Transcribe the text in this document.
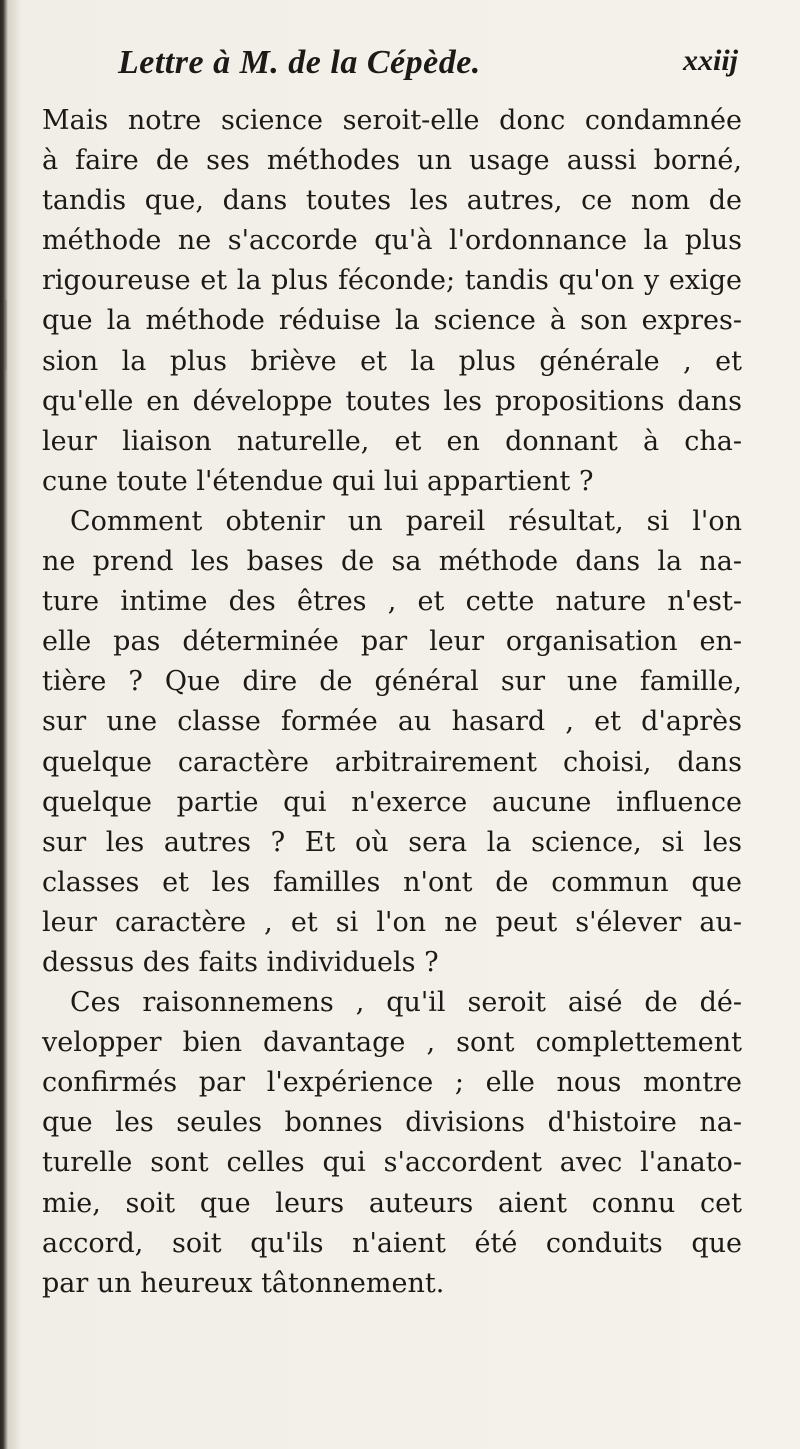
Lettre à M. de la Cépède.	xxiij
Mais notre science seroit-elle donc condamnée
à faire de ses méthodes un usage aussi borné,
tandis que, dans toutes les autres, ce nom de
méthode ne s'accorde qu'à l'ordonnance la plus
rigoureuse et la plus féconde; tandis qu'on y exige
que la méthode réduise la science à son expres-
sion la plus briève et la plus générale , et
qu'elle en développe toutes les propositions dans
leur liaison naturelle, et en donnant à cha-
cune toute l'étendue qui lui appartient ?
Comment obtenir un pareil résultat, si l'on
ne prend les bases de sa méthode dans la na-
ture intime des êtres , et cette nature n'est-
elle pas déterminée par leur organisation en-
tière ? Que dire de général sur une famille,
sur une classe formée au hasard , et d'après
quelque caractère arbitrairement choisi, dans
quelque partie qui n'exerce aucune influence
sur les autres ? Et où sera la science, si les
classes et les familles n'ont de commun que
leur caractère , et si l'on ne peut s'élever au-
dessus des faits individuels ?
Ces raisonnemens , qu'il seroit aisé de dé-
velopper bien davantage , sont complettement
confirmés par l'expérience ; elle nous montre
que les seules bonnes divisions d'histoire na-
turelle sont celles qui s'accordent avec l'anato-
mie, soit que leurs auteurs aient connu cet
accord, soit qu'ils n'aient été conduits que
par un heureux tâtonnement.
